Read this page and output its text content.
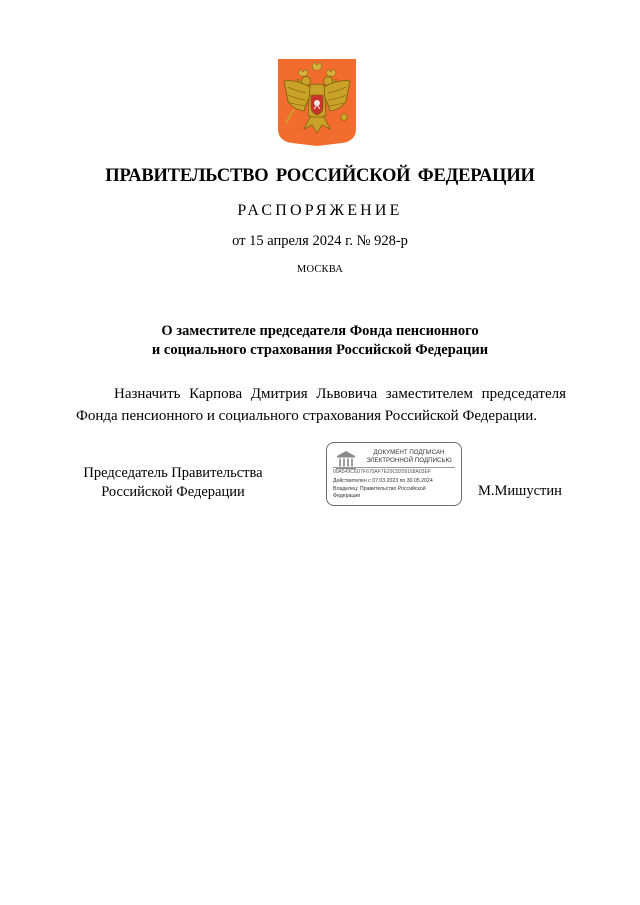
ПРАВИТЕЛЬСТВО РОССИЙСКОЙ ФЕДЕРАЦИИ
РАСПОРЯЖЕНИЕ
от 15 апреля 2024 г. № 928-р
МОСКВА
О заместителе председателя Фонда пенсионного
и социального страхования Российской Федерации
Назначить Карпова Дмитрия Львовича заместителем председателя
Фонда пенсионного и социального страхования Российской Федерации.
Председатель Правительства
Российской Федерации
ДОКУМЕНТ ПОДПИСАН
ЭЛЕКТРОННОЙ ПОДПИСЬЮ
00A549C6D7F670AF7E29C8209168A03EF
Действителен с 07.03.2023 по 30.05.2024
Владелец: Правительство Российской
Федерации	М.Мишустин
